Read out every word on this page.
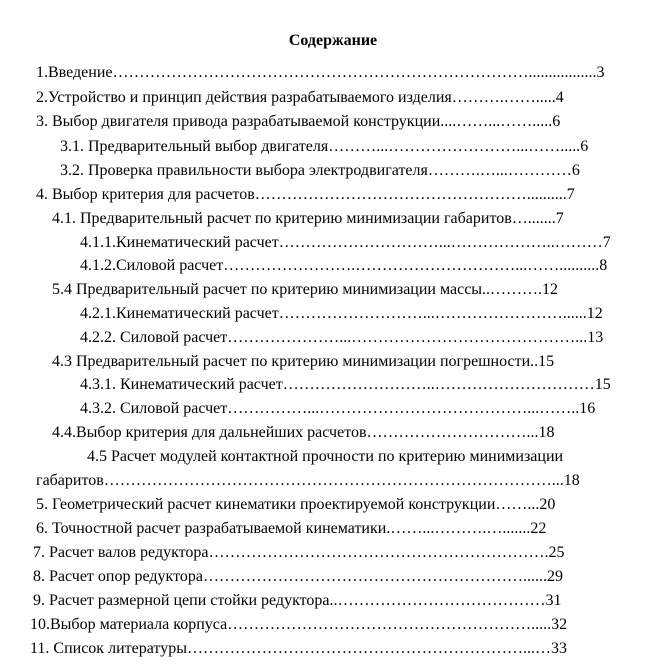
Содержание
1.Введение…………………………………………………………………….................3
2.Устройство и принцип действия разрабатываемого изделия……….…….....4
3. Выбор двигателя привода разрабатываемой конструкции....……...…….....6
3.1. Предварительный выбор двигателя………...……………………...…….....6
3.2. Проверка правильности выбора электродвигателя……….…...…………6
4. Выбор критерия для расчетов……………………………………………..........7
4.1. Предварительный расчет по критерию минимизации габаритов….......7
4.1.1.Кинематический расчет…………………………...………………..………7
4.1.2.Силовой расчет…………………….…………………………...……..........8
5.4 Предварительный расчет по критерию минимизации массы..……….12
4.2.1.Кинематический расчет………………………...……………………......12
4.2.2. Силовой расчет…………………...……………………………………...13
4.3 Предварительный расчет по критерию минимизации погрешности..15
4.3.1. Кинематический расчет………………………..…………………………15
4.3.2. Силовой расчет……………...…………………………………...……..16
4.4.Выбор критерия для дальнейших расчетов…………………………...18
4.5 Расчет модулей контактной прочности по критерию минимизации
габаритов…………………………………………………………………………...18
5. Геометрический расчет кинематики проектируемой конструкции……...20
6. Точностной расчет разрабатываемой кинематики.……...……….….......22
7. Расчет валов редуктора……………………………………………………….25
8. Расчет опор редуктора……………………………………………………......29
9. Расчет размерной цепи стойки редуктора..…………………………………31
10.Выбор материала корпуса………………………………………………….....32
11. Список литературы………………………………………………………...…33
